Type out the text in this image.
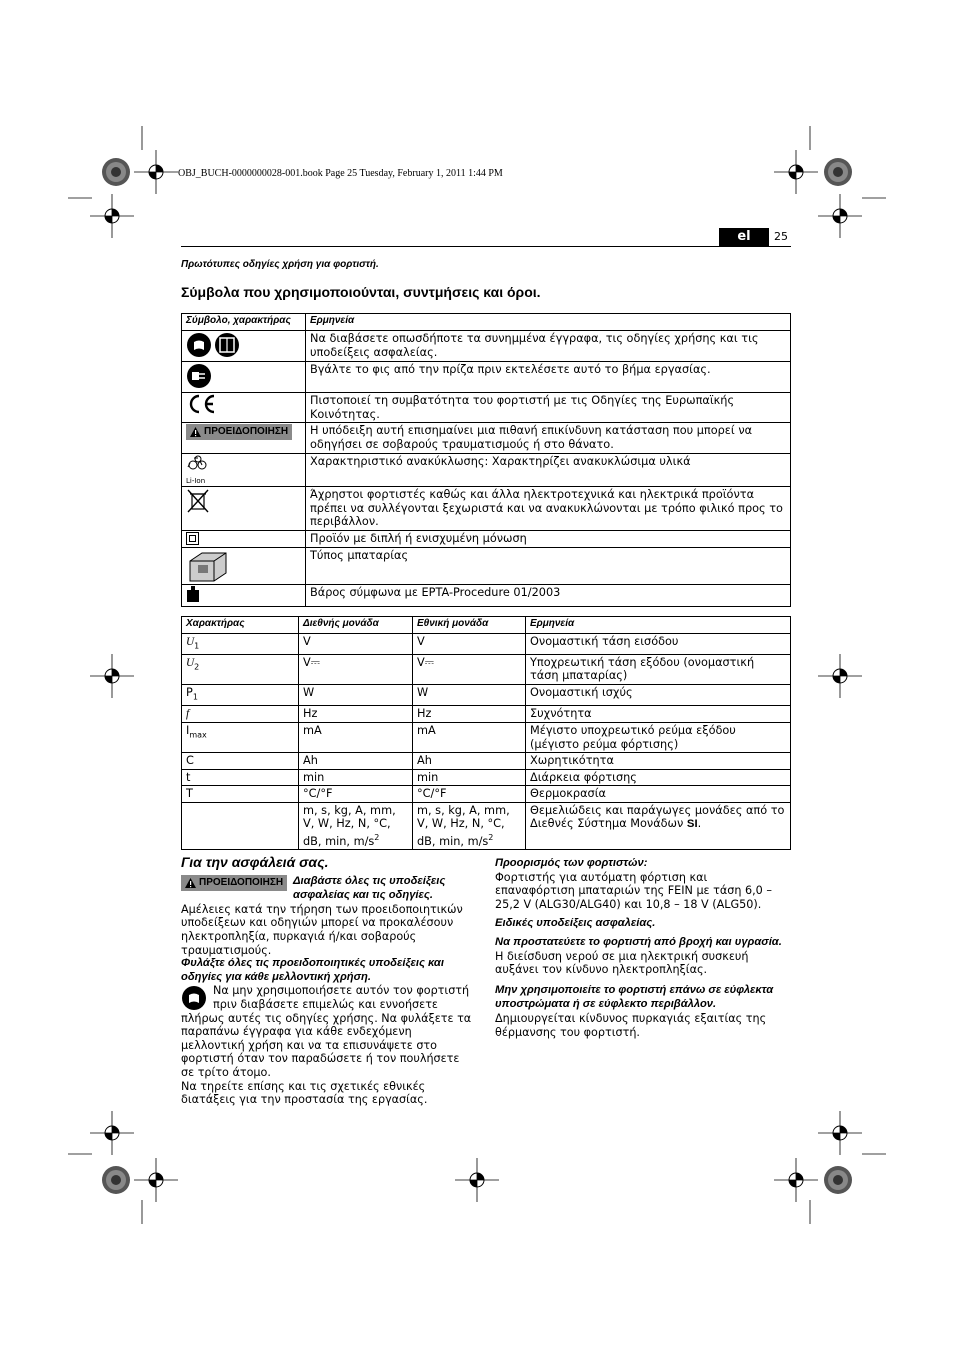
OBJ_BUCH-0000000028-001.book Page 25 Tuesday, February 1, 2011 1:44 PM
el	25
Πρωτότυπες οδηγίες χρήση για φορτιστή.
Σύμβολα που χρησιμοποιούνται, συντμήσεις και όροι.
Σύμβολο, χαρακτήρας	Ερμηνεία
	Να διαβάσετε οπωσδήποτε τα συνημμένα έγγραφα, τις οδηγίες χρήσης και τις υποδείξεις ασφαλείας.
	Βγάλτε το φις από την πρίζα πριν εκτελέσετε αυτό το βήμα εργασίας.
	Πιστοποιεί τη συμβατότητα του φορτιστή με τις Οδηγίες της Ευρωπαϊκής Κοινότητας.

ΠΡΟΕΙΔΟΠΟΙΗΣΗ	Η υπόδειξη αυτή επισημαίνει μια πιθανή επικίνδυνη κατάσταση που μπορεί να οδηγήσει σε σοβαρούς τραυματισμούς ή στο θάνατο.

Li-Ion	Χαρακτηριστικό ανακύκλωσης: Χαρακτηρίζει ανακυκλώσιμα υλικά
	Άχρηστοι φορτιστές καθώς και άλλα ηλεκτροτεχνικά και ηλεκτρικά προϊόντα πρέπει να συλλέγονται ξεχωριστά και να ανακυκλώνονται με τρόπο φιλικό προς το περιβάλλον.
	Προϊόν με διπλή ή ενισχυμένη μόνωση
	Τύπος μπαταρίας
	Βάρος σύμφωνα με EPTA-Procedure 01/2003
Χαρακτήρας	Διεθνής μονάδα	Εθνική μονάδα	Ερμηνεία
$U_1$	V	V	Ονομαστική τάση εισόδου
$U_2$	V⎓	V⎓	Υποχρεωτική τάση εξόδου (ονομαστική τάση μπαταρίας)
$P_1$	W	W	Ονομαστική ισχύς
f	Hz	Hz	Συχνότητα
$I_{max}$	mA	mA	Μέγιστο υποχρεωτικό ρεύμα εξόδου (μέγιστο ρεύμα φόρτισης)
C	Ah	Ah	Χωρητικότητα
t	min	min	Διάρκεια φόρτισης
T	°C/°F	°C/°F	Θερμοκρασία
	m, s, kg, A, mm, V, W, Hz, N, °C, dB, min, $m/s^2$	m, s, kg, A, mm, V, W, Hz, N, °C, dB, min, $m/s^2$	Θεμελιώδεις και παράγωγες μονάδες από το Διεθνές Σύστημα Μονάδων SI.
Για την ασφάλειά σας.

ΠΡΟΕΙΔΟΠΟΙΗΣΗ Διαβάστε όλες τις υποδείξεις ασφαλείας και τις οδηγίες. Αμέλειες κατά την τήρηση των προειδοποιητικών υποδείξεων και οδηγιών μπορεί να προκαλέσουν ηλεκτροπληξία, πυρκαγιά ή/και σοβαρούς τραυματισμούς.

Φυλάξτε όλες τις προειδοποιητικές υποδείξεις και οδηγίες για κάθε μελλοντική χρήση.

Να μην χρησιμοποιήσετε αυτόν τον φορτιστή πριν διαβάσετε επιμελώς και εννοήσετε πλήρως αυτές τις οδηγίες χρήσης. Να φυλάξετε τα παραπάνω έγγραφα για κάθε ενδεχόμενη μελλοντική χρήση και να τα επισυνάψετε στο φορτιστή όταν τον παραδώσετε ή τον πουλήσετε σε τρίτο άτομο.

Να τηρείτε επίσης και τις σχετικές εθνικές διατάξεις για την προστασία της εργασίας.

Προορισμός των φορτιστών:

Φορτιστής για αυτόματη φόρτιση και επαναφόρτιση μπαταριών της FEIN με τάση 6,0 – 25,2 V (ALG30/ALG40) και 10,8 – 18 V (ALG50).

Ειδικές υποδείξεις ασφαλείας.

Να προστατεύετε το φορτιστή από βροχή και υγρασία. Η διείσδυση νερού σε μια ηλεκτρική συσκευή αυξάνει τον κίνδυνο ηλεκτροπληξίας.

Μην χρησιμοποιείτε το φορτιστή επάνω σε εύφλεκτα υποστρώματα ή σε εύφλεκτο περιβάλλον. Δημιουργείται κίνδυνος πυρκαγιάς εξαιτίας της θέρμανσης του φορτιστή.
